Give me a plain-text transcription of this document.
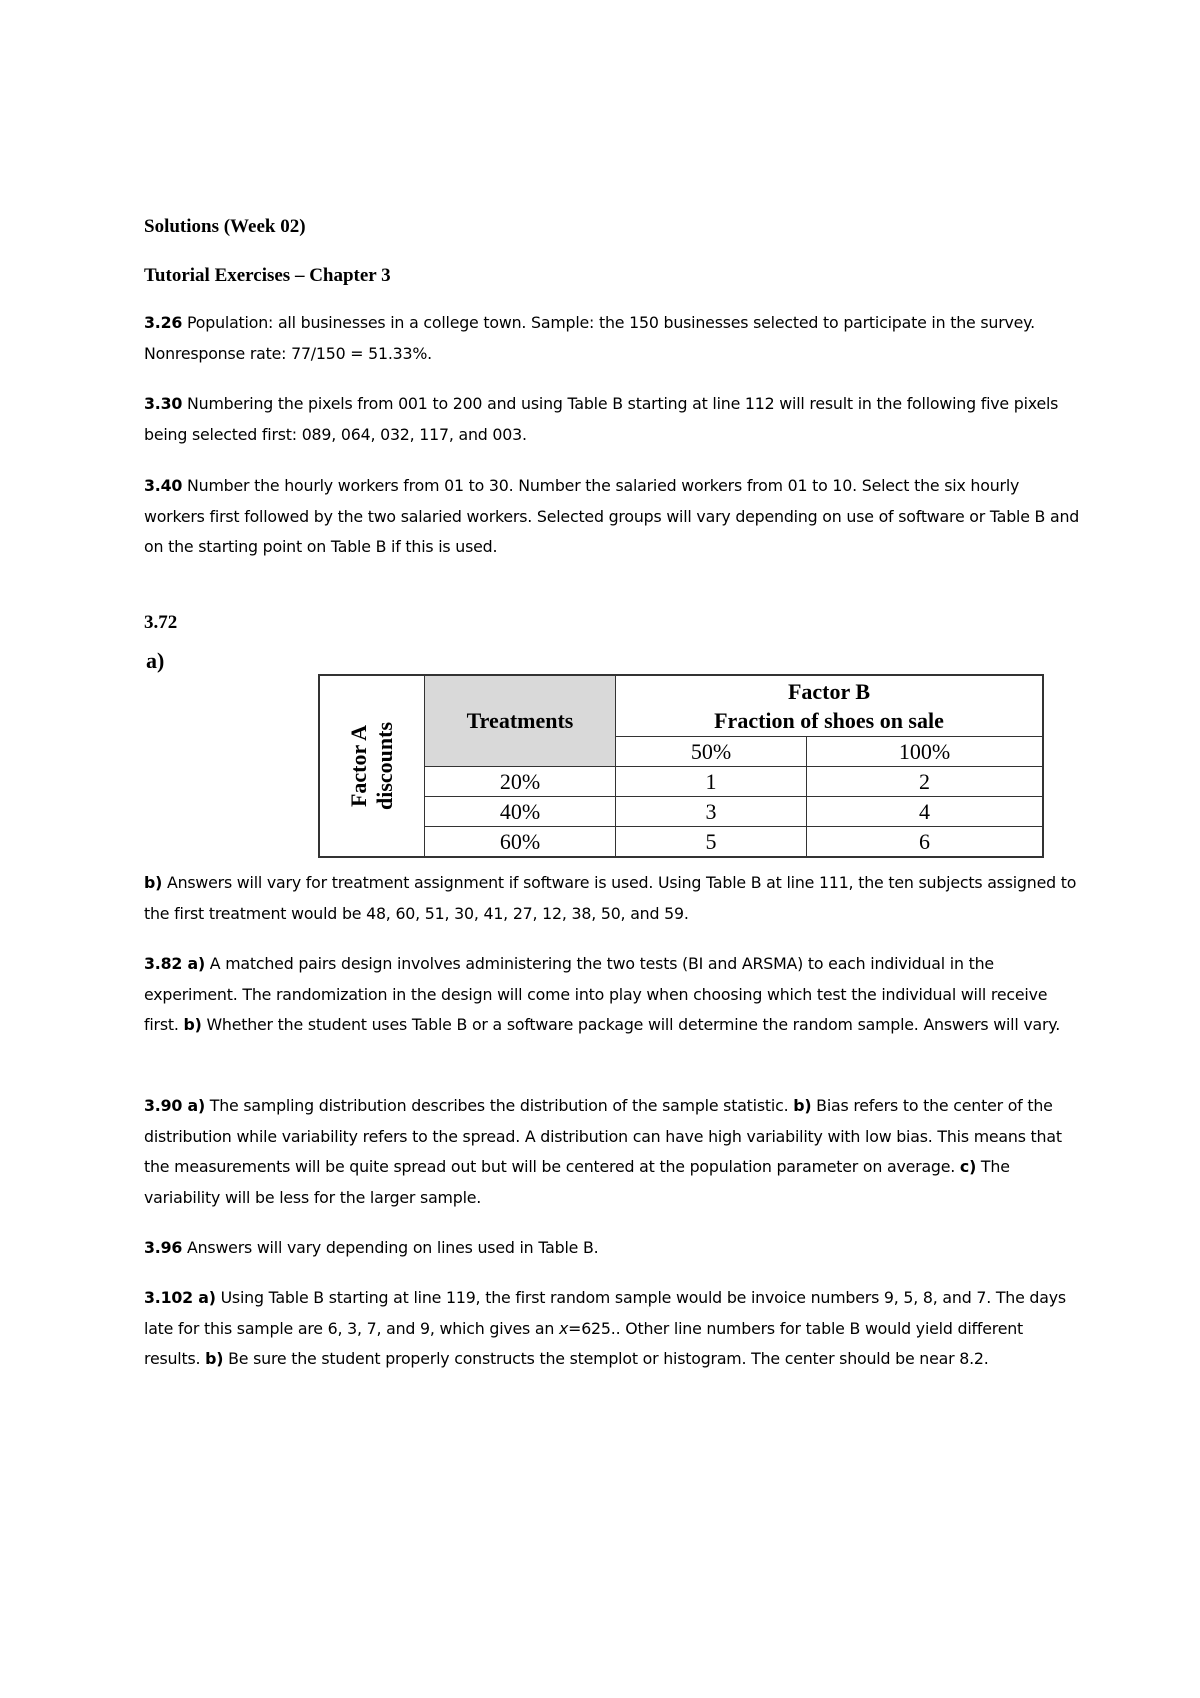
Solutions (Week 02)
Tutorial Exercises – Chapter 3

3.26 Population: all businesses in a college town. Sample: the 150 businesses selected to participate in the survey. Nonresponse rate: 77/150 = 51.33%.

3.30 Numbering the pixels from 001 to 200 and using Table B starting at line 112 will result in the following five pixels being selected first: 089, 064, 032, 117, and 003.

3.40 Number the hourly workers from 01 to 30. Number the salaried workers from 01 to 10. Select the six hourly workers first followed by the two salaried workers. Selected groups will vary depending on use of software or Table B and on the starting point on Table B if this is used.

3.72
a)
Factor A
discounts	Treatments	Factor B
Fraction of shoes on sale	
		50%	100%
	20%	1	2
	40%	3	4
	60%	5	6

b) Answers will vary for treatment assignment if software is used. Using Table B at line 111, the ten subjects assigned to the first treatment would be 48, 60, 51, 30, 41, 27, 12, 38, 50, and 59.

3.82 a) A matched pairs design involves administering the two tests (BI and ARSMA) to each individual in the experiment. The randomization in the design will come into play when choosing which test the individual will receive first. b) Whether the student uses Table B or a software package will determine the random sample. Answers will vary.

3.90 a) The sampling distribution describes the distribution of the sample statistic. b) Bias refers to the center of the distribution while variability refers to the spread. A distribution can have high variability with low bias. This means that the measurements will be quite spread out but will be centered at the population parameter on average. c) The variability will be less for the larger sample.

3.96 Answers will vary depending on lines used in Table B.

3.102 a) Using Table B starting at line 119, the first random sample would be invoice numbers 9, 5, 8, and 7. The days late for this sample are 6, 3, 7, and 9, which gives an x=625.. Other line numbers for table B would yield different results. b) Be sure the student properly constructs the stemplot or histogram. The center should be near 8.2.
